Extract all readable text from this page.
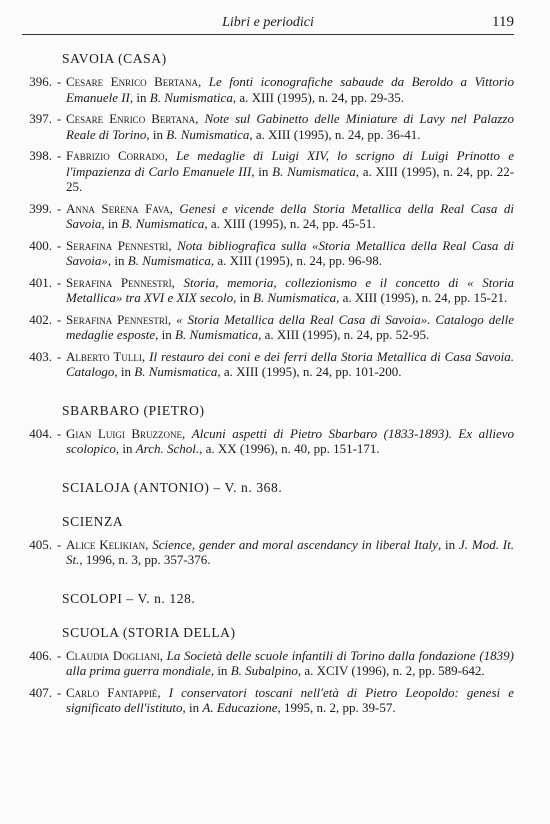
Libri e periodici	119
SAVOIA (CASA)
396. - Cesare Enrico Bertana, Le fonti iconografiche sabaude da Beroldo a Vittorio Emanuele II, in B. Numismatica, a. XIII (1995), n. 24, pp. 29-35.
397. - Cesare Enrico Bertana, Note sul Gabinetto delle Miniature di Lavy nel Palazzo Reale di Torino, in B. Numismatica, a. XIII (1995), n. 24, pp. 36-41.
398. - Fabrizio Corrado, Le medaglie di Luigi XIV, lo scrigno di Luigi Prinotto e l'impazienza di Carlo Emanuele III, in B. Numismatica, a. XIII (1995), n. 24, pp. 22-25.
399. - Anna Serena Fava, Genesi e vicende della Storia Metallica della Real Casa di Savoia, in B. Numismatica, a. XIII (1995), n. 24, pp. 45-51.
400. - Serafina Pennestrì, Nota bibliografica sulla «Storia Metallica della Real Casa di Savoia», in B. Numismatica, a. XIII (1995), n. 24, pp. 96-98.
401. - Serafina Pennestrì, Storia, memoria, collezionismo e il concetto di « Storia Metallica» tra XVI e XIX secolo, in B. Numismatica, a. XIII (1995), n. 24, pp. 15-21.
402. - Serafina Pennestrì, « Storia Metallica della Real Casa di Savoia». Catalogo delle medaglie esposte, in B. Numismatica, a. XIII (1995), n. 24, pp. 52-95.
403. - Alberto Tulli, Il restauro dei coni e dei ferri della Storia Metallica di Casa Savoia. Catalogo, in B. Numismatica, a. XIII (1995), n. 24, pp. 101-200.
SBARBARO (PIETRO)
404. - Gian Luigi Bruzzone, Alcuni aspetti di Pietro Sbarbaro (1833-1893). Ex allievo scolopico, in Arch. Schol., a. XX (1996), n. 40, pp. 151-171.
SCIALOJA (ANTONIO) – V. n. 368.
SCIENZA
405. - Alice Kelikian, Science, gender and moral ascendancy in liberal Italy, in J. Mod. It. St., 1996, n. 3, pp. 357-376.
SCOLOPI – V. n. 128.
SCUOLA (STORIA DELLA)
406. - Claudia Dogliani, La Società delle scuole infantili di Torino dalla fondazione (1839) alla prima guerra mondiale, in B. Subalpino, a. XCIV (1996), n. 2, pp. 589-642.
407. - Carlo Fantappiè, I conservatori toscani nell'età di Pietro Leopoldo: genesi e significato dell'istituto, in A. Educazione, 1995, n. 2, pp. 39-57.
